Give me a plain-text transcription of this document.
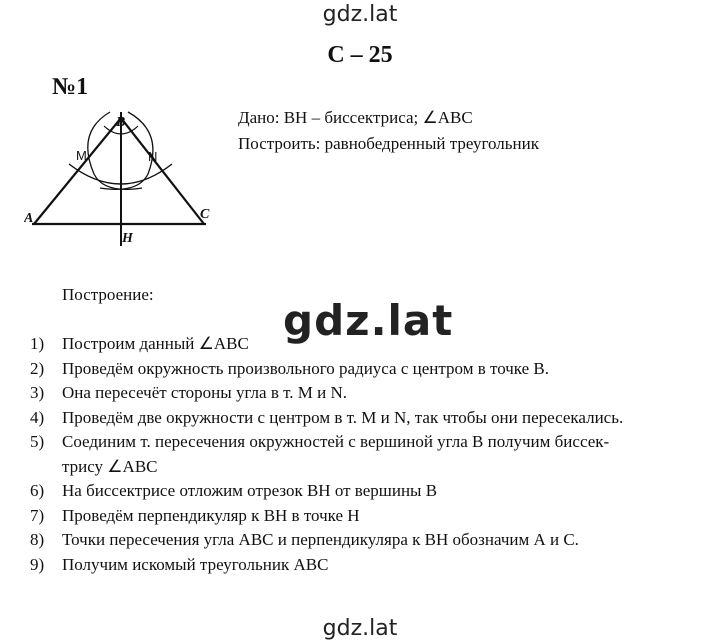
gdz.lat
С – 25
№1
Дано: ВН – биссектриса; ∠АВС
Построить: равнобедренный треугольник
B
M	N
A	C
H
Построение:
gdz.lat
1)	Построим данный ∠АВС
2)	Проведём окружность произвольного радиуса с центром в точке В.
3)	Она пересечёт стороны угла в т. М и N.
4)	Проведём две окружности с центром в т. М и N, так чтобы они пересекались.
5)	Соединим т. пересечения окружностей с вершиной угла В получим биссек-
трису ∠АВС
6)	На биссектрисе отложим отрезок ВН от вершины В
7)	Проведём перпендикуляр к ВН в точке Н
8)	Точки пересечения угла АВС и перпендикуляра к ВН обозначим А и С.
9)	Получим искомый треугольник АВС
gdz.lat
